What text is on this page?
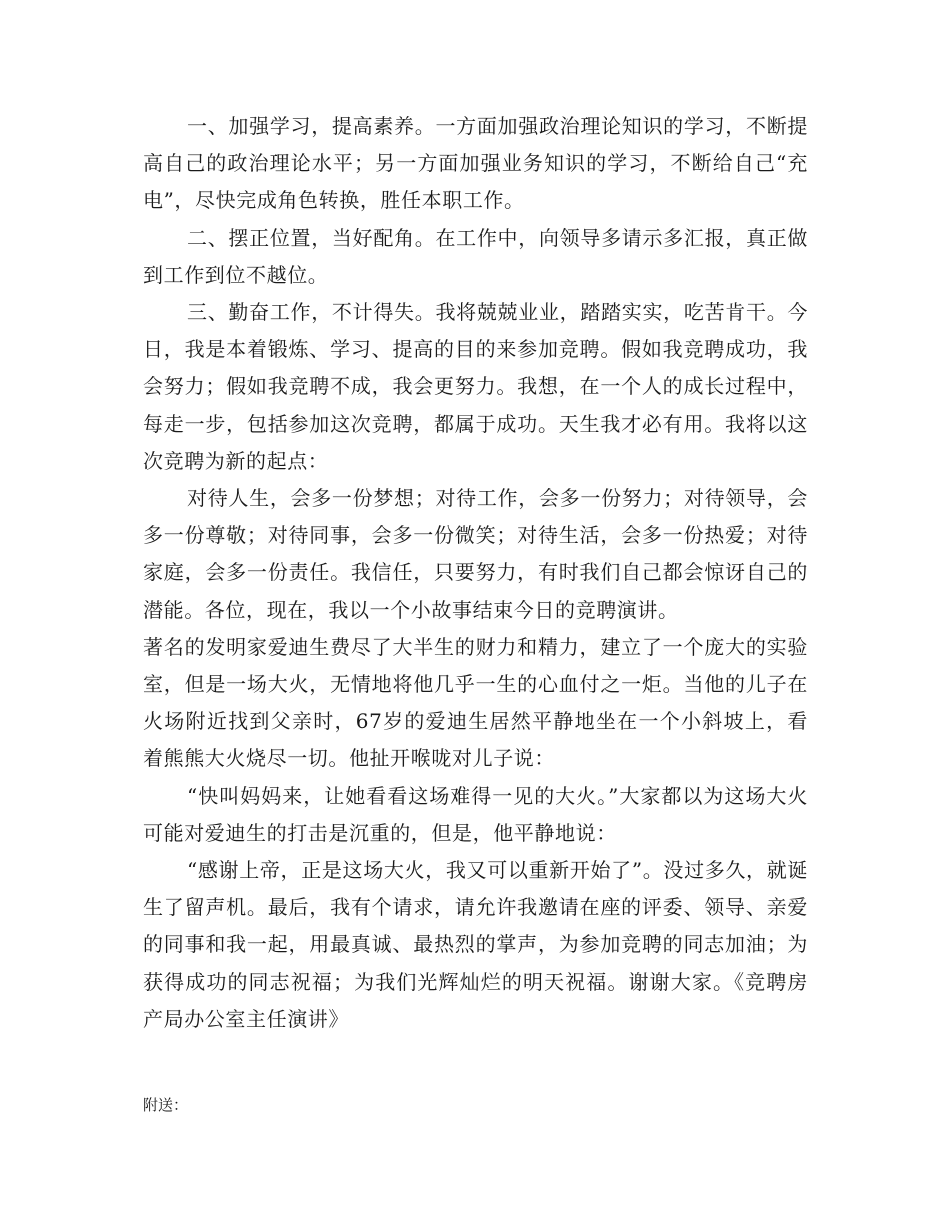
一、加强学习，提高素养。一方面加强政治理论知识的学习，不断提高自己的政治理论水平；另一方面加强业务知识的学习，不断给自己“充电”，尽快完成角色转换，胜任本职工作。

二、摆正位置，当好配角。在工作中，向领导多请示多汇报，真正做到工作到位不越位。

三、勤奋工作，不计得失。我将兢兢业业，踏踏实实，吃苦肯干。今日，我是本着锻炼、学习、提高的目的来参加竞聘。假如我竞聘成功，我会努力；假如我竞聘不成，我会更努力。我想，在一个人的成长过程中，每走一步，包括参加这次竞聘，都属于成功。天生我才必有用。我将以这次竞聘为新的起点：

对待人生，会多一份梦想；对待工作，会多一份努力；对待领导，会多一份尊敬；对待同事，会多一份微笑；对待生活，会多一份热爱；对待家庭，会多一份责任。我信任，只要努力，有时我们自己都会惊讶自己的潜能。各位，现在，我以一个小故事结束今日的竞聘演讲。

著名的发明家爱迪生费尽了大半生的财力和精力，建立了一个庞大的实验室，但是一场大火，无情地将他几乎一生的心血付之一炬。当他的儿子在火场附近找到父亲时，67岁的爱迪生居然平静地坐在一个小斜坡上，看着熊熊大火烧尽一切。他扯开喉咙对儿子说：

“快叫妈妈来，让她看看这场难得一见的大火。”大家都以为这场大火可能对爱迪生的打击是沉重的，但是，他平静地说：

“感谢上帝，正是这场大火，我又可以重新开始了”。没过多久，就诞生了留声机。最后，我有个请求，请允许我邀请在座的评委、领导、亲爱的同事和我一起，用最真诚、最热烈的掌声，为参加竞聘的同志加油；为获得成功的同志祝福；为我们光辉灿烂的明天祝福。谢谢大家。《竞聘房产局办公室主任演讲》

附送：
